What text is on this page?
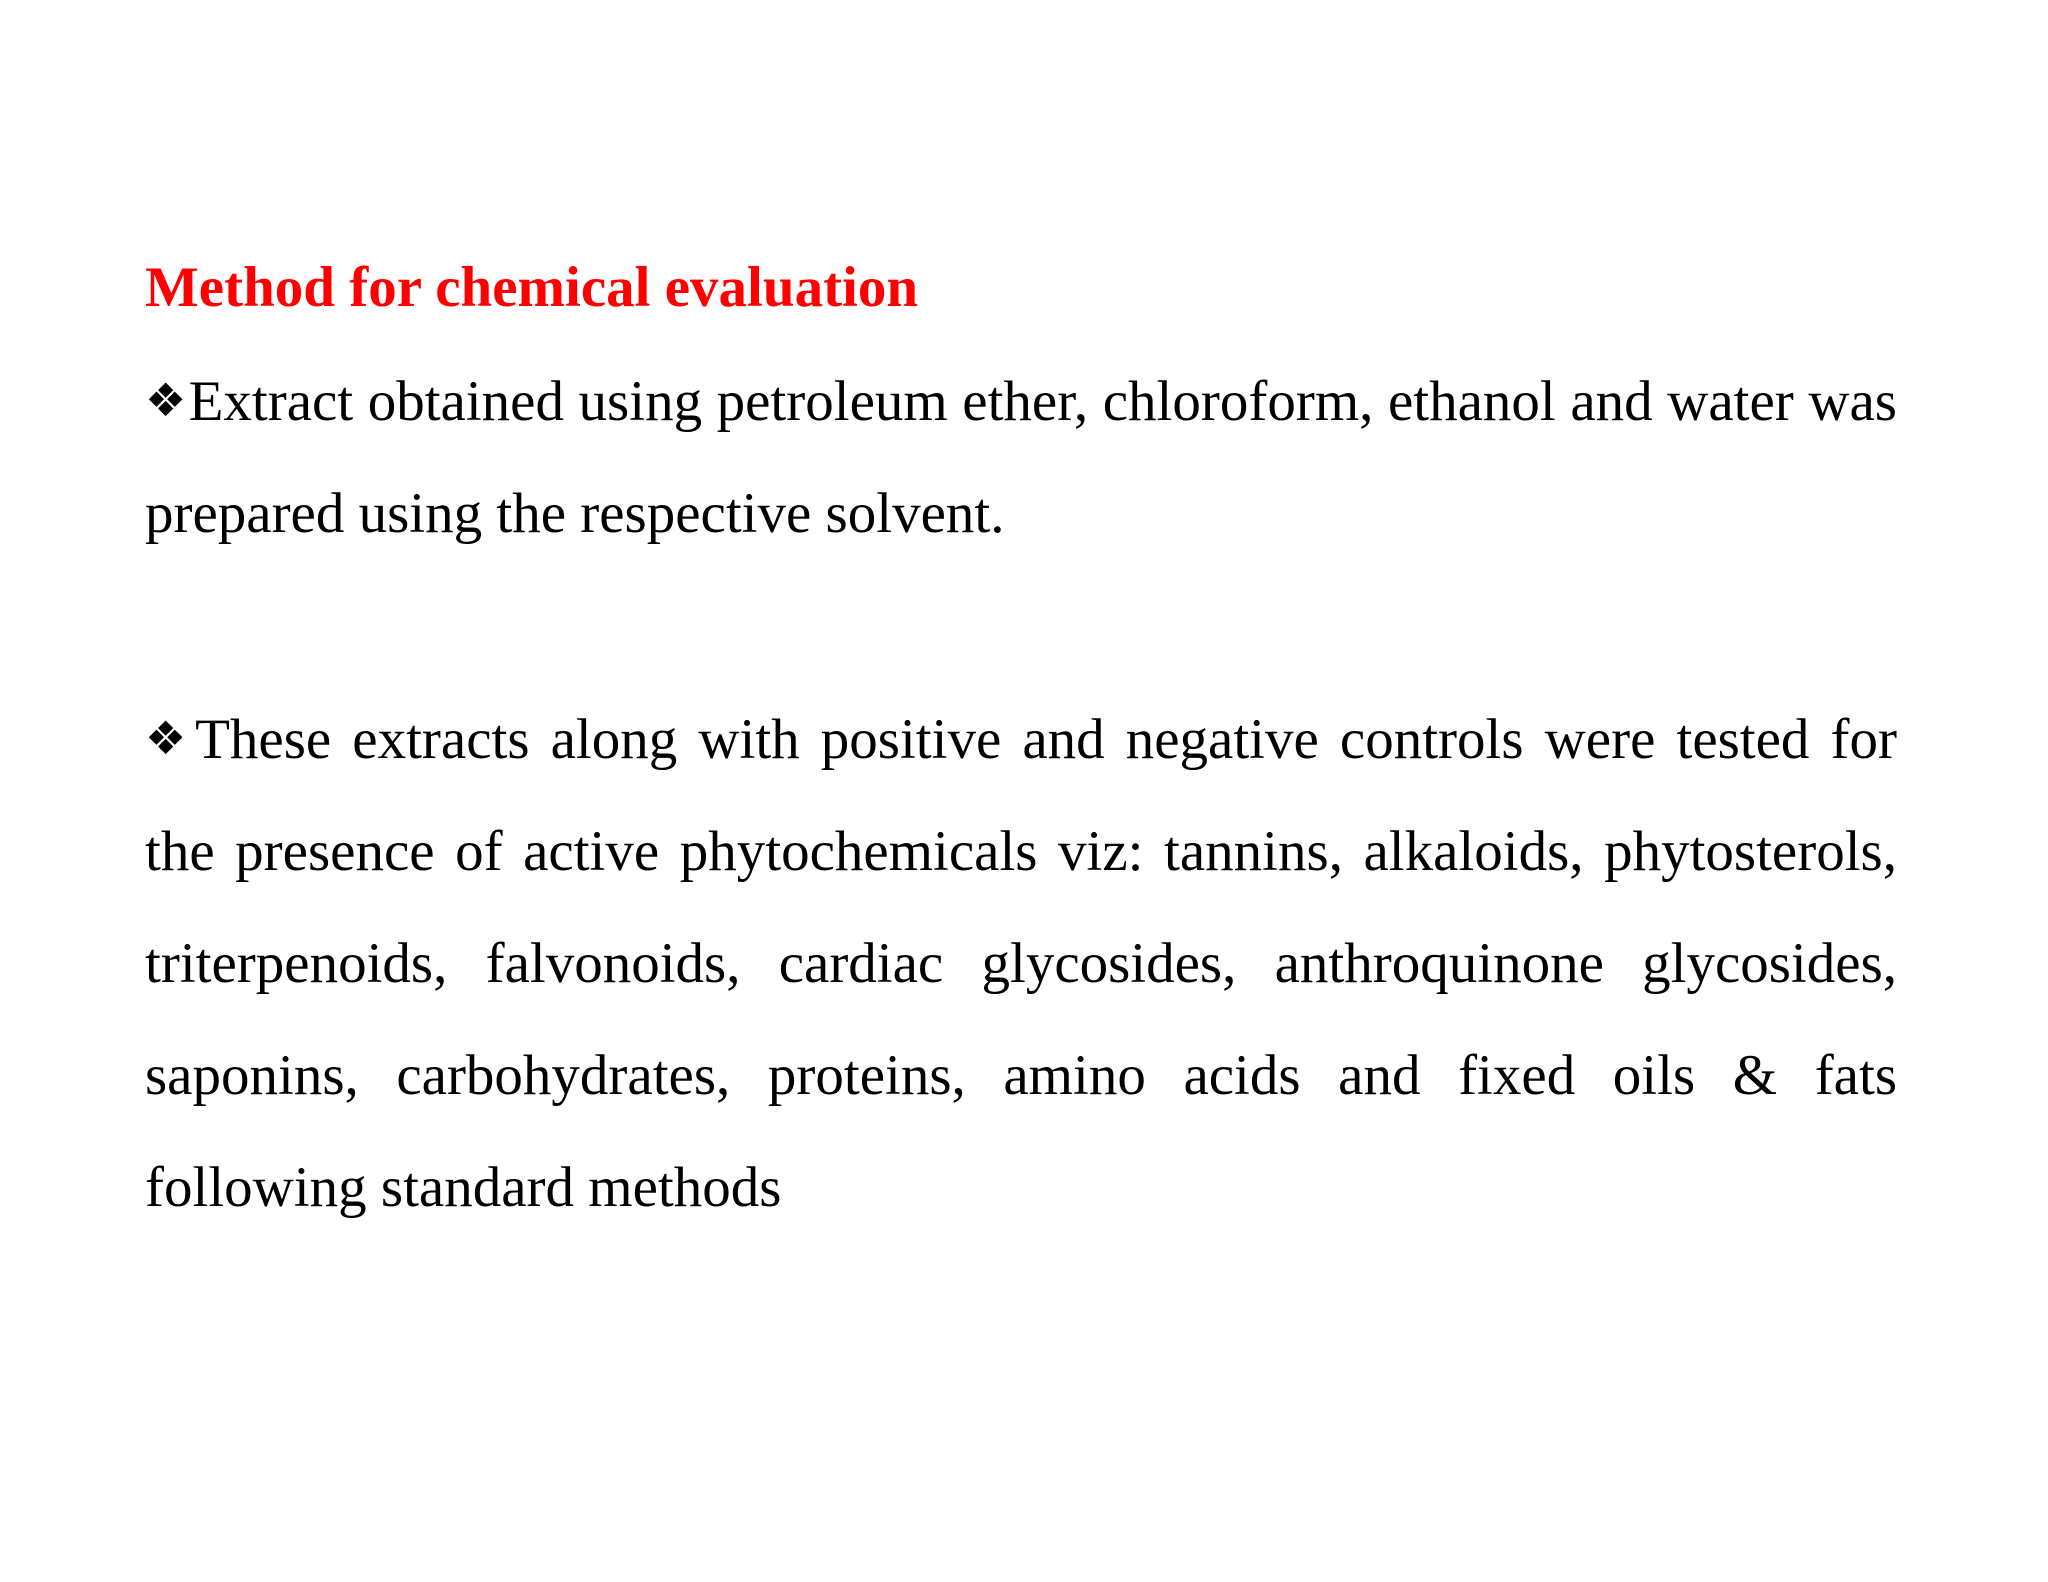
Method for chemical evaluation

❖Extract obtained using petroleum ether, chloroform, ethanol and water was prepared using the respective solvent.

❖These extracts along with positive and negative controls were tested for the presence of active phytochemicals viz: tannins, alkaloids, phytosterols, triterpenoids, falvonoids, cardiac glycosides, anthroquinone glycosides, saponins, carbohydrates, proteins, amino acids and fixed oils & fats following standard methods
